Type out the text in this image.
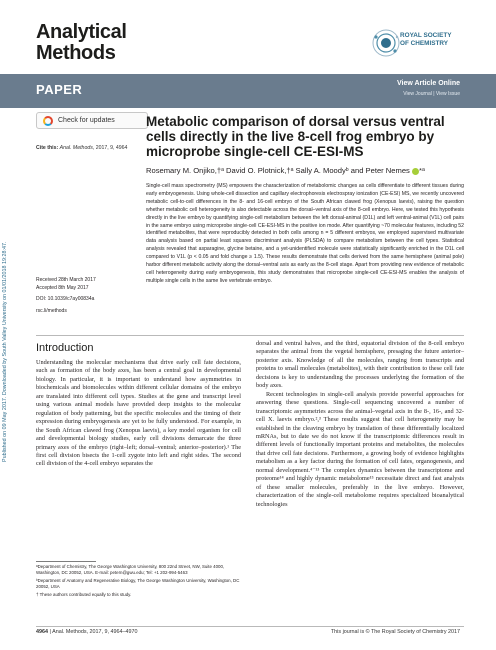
Analytical
Methods
ROYAL SOCIETY
OF CHEMISTRY
PAPER	View Article Online
View Journal | View Issue
Check for updates
Cite this: Anal. Methods, 2017, 9, 4964
Metabolic comparison of dorsal versus ventral cells directly in the live 8-cell frog embryo by microprobe single-cell CE-ESI-MS
Rosemary M. Onjiko,†ᵃ David O. Plotnick,†ᵃ Sally A. Moodyᵇ and Peter Nemes *ᵃ
Single-cell mass spectrometry (MS) empowers the characterization of metabolomic changes as cells differentiate to different tissues during early embryogenesis. Using whole-cell dissection and capillary electrophoresis electrospray ionization (CE-ESI) MS, we recently uncovered metabolic cell-to-cell differences in the 8- and 16-cell embryo of the South African clawed frog (Xenopus laevis), raising the question whether metabolic cell heterogeneity is also detectable across the dorsal–ventral axis of the 8-cell embryo. Here, we tested this hypothesis directly in the live embryo by quantifying single-cell metabolism between the left dorsal-animal (D1L) and left ventral-animal (V1L) cell pairs in the same embryo using microprobe single-cell CE-ESI-MS in the positive ion mode. After quantifying ~70 molecular features, including 52 identified metabolites, that were reproducibly detected in both cells among n = 5 different embryos, we employed supervised multivariate data analysis based on partial least squares discriminant analysis (PLSDA) to compare metabolism between the cell types. Statistical analysis revealed that asparagine, glycine betaine, and a yet-unidentified molecule were statistically significantly enriched in the D1L cell compared to V1L (p < 0.05 and fold change ≥ 1.5). These results demonstrate that cells derived from the same hemisphere (animal pole) harbor different metabolic activity along the dorsal–ventral axis as early as the 8-cell stage. Apart from providing new evidence of metabolic cell heterogeneity during early embryogenesis, this study demonstrates that microprobe single-cell CE-ESI-MS enables the analysis of multiple single cells in the same live vertebrate embryo.
Received 28th March 2017
Accepted 8th May 2017
DOI: 10.1039/c7ay00834a
rsc.li/methods
Introduction
Understanding the molecular mechanisms that drive early cell fate decisions, such as formation of the body axes, has been a central goal in developmental biology. In particular, it is important to understand how asymmetries in biochemicals and biomolecules within different cellular domains of the embryo are translated into different cell types. Studies at the gene and transcript level using various animal models have provided deep insights to the molecular regulation of body patterning, but the specific molecules and the timing of their expression during embryogenesis are yet to be fully understood. For example, in the South African clawed frog (Xenopus laevis), a key model organism for cell and developmental biology studies, early cell divisions demarcate the three primary axes of the embryo (right–left; dorsal–ventral; anterior–posterior).¹ The first cell division bisects the 1-cell zygote into left and right sides. The second cell division of the 4-cell embryo separates the

dorsal and ventral halves, and the third, equatorial division of the 8-cell embryo separates the animal from the vegetal hemisphere, presaging the future anterior–posterior axis. Knowledge of all the molecules, ranging from transcripts and proteins to small molecules (metabolites), with their contribution to these cell fate decisions is key to understanding the processes underlying the formation of the body axes.

Recent technologies in single-cell analysis provide powerful approaches for answering these questions. Single-cell sequencing uncovered a number of transcriptomic asymmetries across the animal–vegetal axis in the 8-, 16-, and 32-cell X. laevis embryo.²,³ These results suggest that cell heterogeneity may be established in the cleaving embryo by translation of these differentially localized mRNAs, but to date we do not know if the transcriptomic differences result in different levels of functionally important proteins and metabolites, the molecules that drive cell fate decisions. Furthermore, a growing body of evidence highlights metabolism as a key factor during the formation of cell fates, organogenesis, and normal development.⁴⁻¹³ The complex dynamics between the transcriptome and proteome¹⁴ and highly dynamic metabolome¹⁵ necessitate direct and fast analysis of these smaller molecules, preferably in the live embryo. However, characterization of the single-cell metabolome requires specialized bioanalytical technologies

ᵃDepartment of Chemistry, The George Washington University, 800 22nd Street, NW, Suite 4000, Washington, DC 20052, USA. E-mail: petern@gwu.edu; Tel: +1 202-994-5463
ᵇDepartment of Anatomy and Regenerative Biology, The George Washington University, Washington, DC 20052, USA
† These authors contributed equally to this study.
Published on 09 May 2017. Downloaded by South Valley University on 01/01/2018 19:28:47.
4964 | Anal. Methods, 2017, 9, 4964–4970	This journal is © The Royal Society of Chemistry 2017
